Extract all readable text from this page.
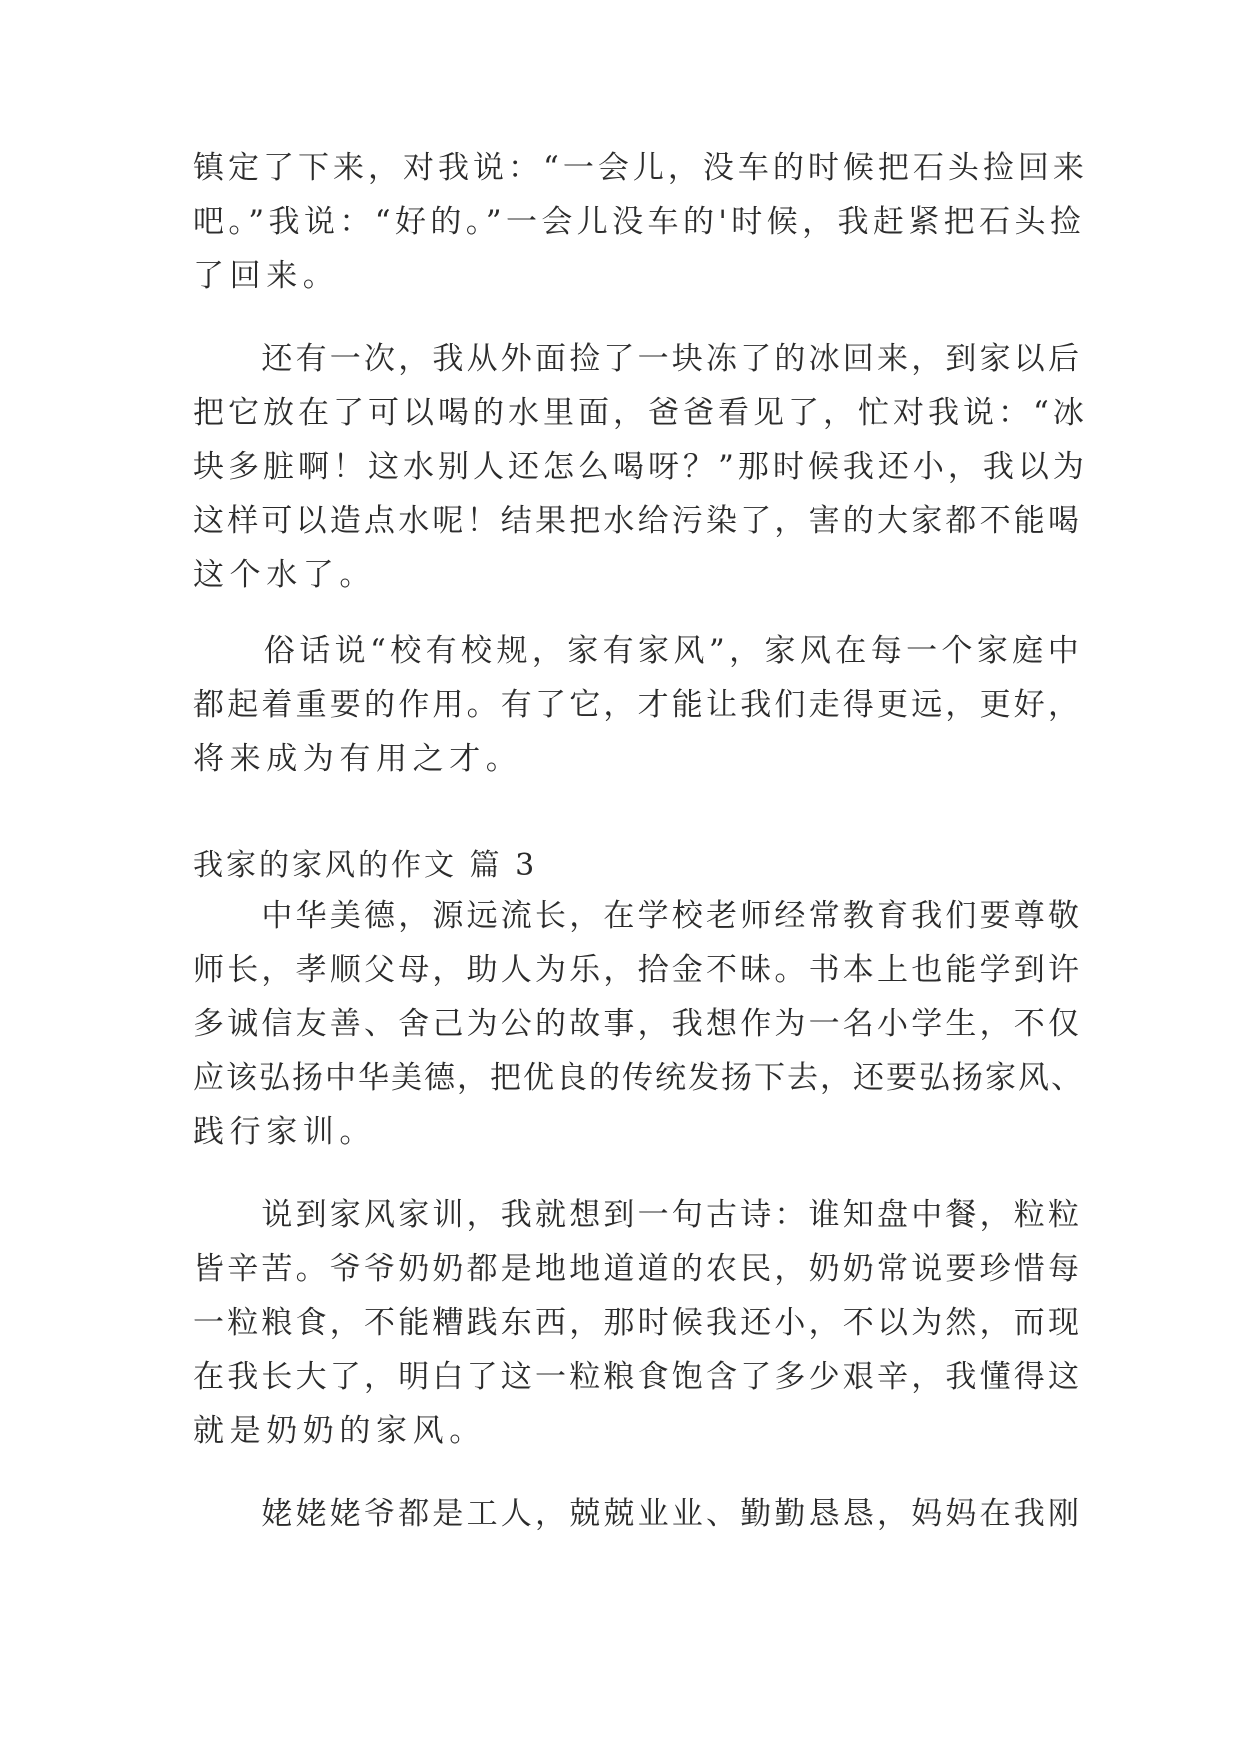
镇定了下来，对我说：“一会儿，没车的时候把石头捡回来

吧。”我说：“好的。”一会儿没车的'时候，我赶紧把石头捡

了回来。

　　还有一次，我从外面捡了一块冻了的冰回来，到家以后

把它放在了可以喝的水里面，爸爸看见了，忙对我说：“冰

块多脏啊！这水别人还怎么喝呀？”那时候我还小，我以为

这样可以造点水呢！结果把水给污染了，害的大家都不能喝

这个水了。

　　俗话说“校有校规，家有家风”，家风在每一个家庭中

都起着重要的作用。有了它，才能让我们走得更远，更好，

将来成为有用之才。

我家的家风的作文 篇 3

　　中华美德，源远流长，在学校老师经常教育我们要尊敬

师长，孝顺父母，助人为乐，拾金不昧。书本上也能学到许

多诚信友善、舍己为公的故事，我想作为一名小学生，不仅

应该弘扬中华美德，把优良的传统发扬下去，还要弘扬家风、

践行家训。

　　说到家风家训，我就想到一句古诗：谁知盘中餐，粒粒

皆辛苦。爷爷奶奶都是地地道道的农民，奶奶常说要珍惜每

一粒粮食，不能糟践东西，那时候我还小，不以为然，而现

在我长大了，明白了这一粒粮食饱含了多少艰辛，我懂得这

就是奶奶的家风。

　　姥姥姥爷都是工人，兢兢业业、勤勤恳恳，妈妈在我刚
